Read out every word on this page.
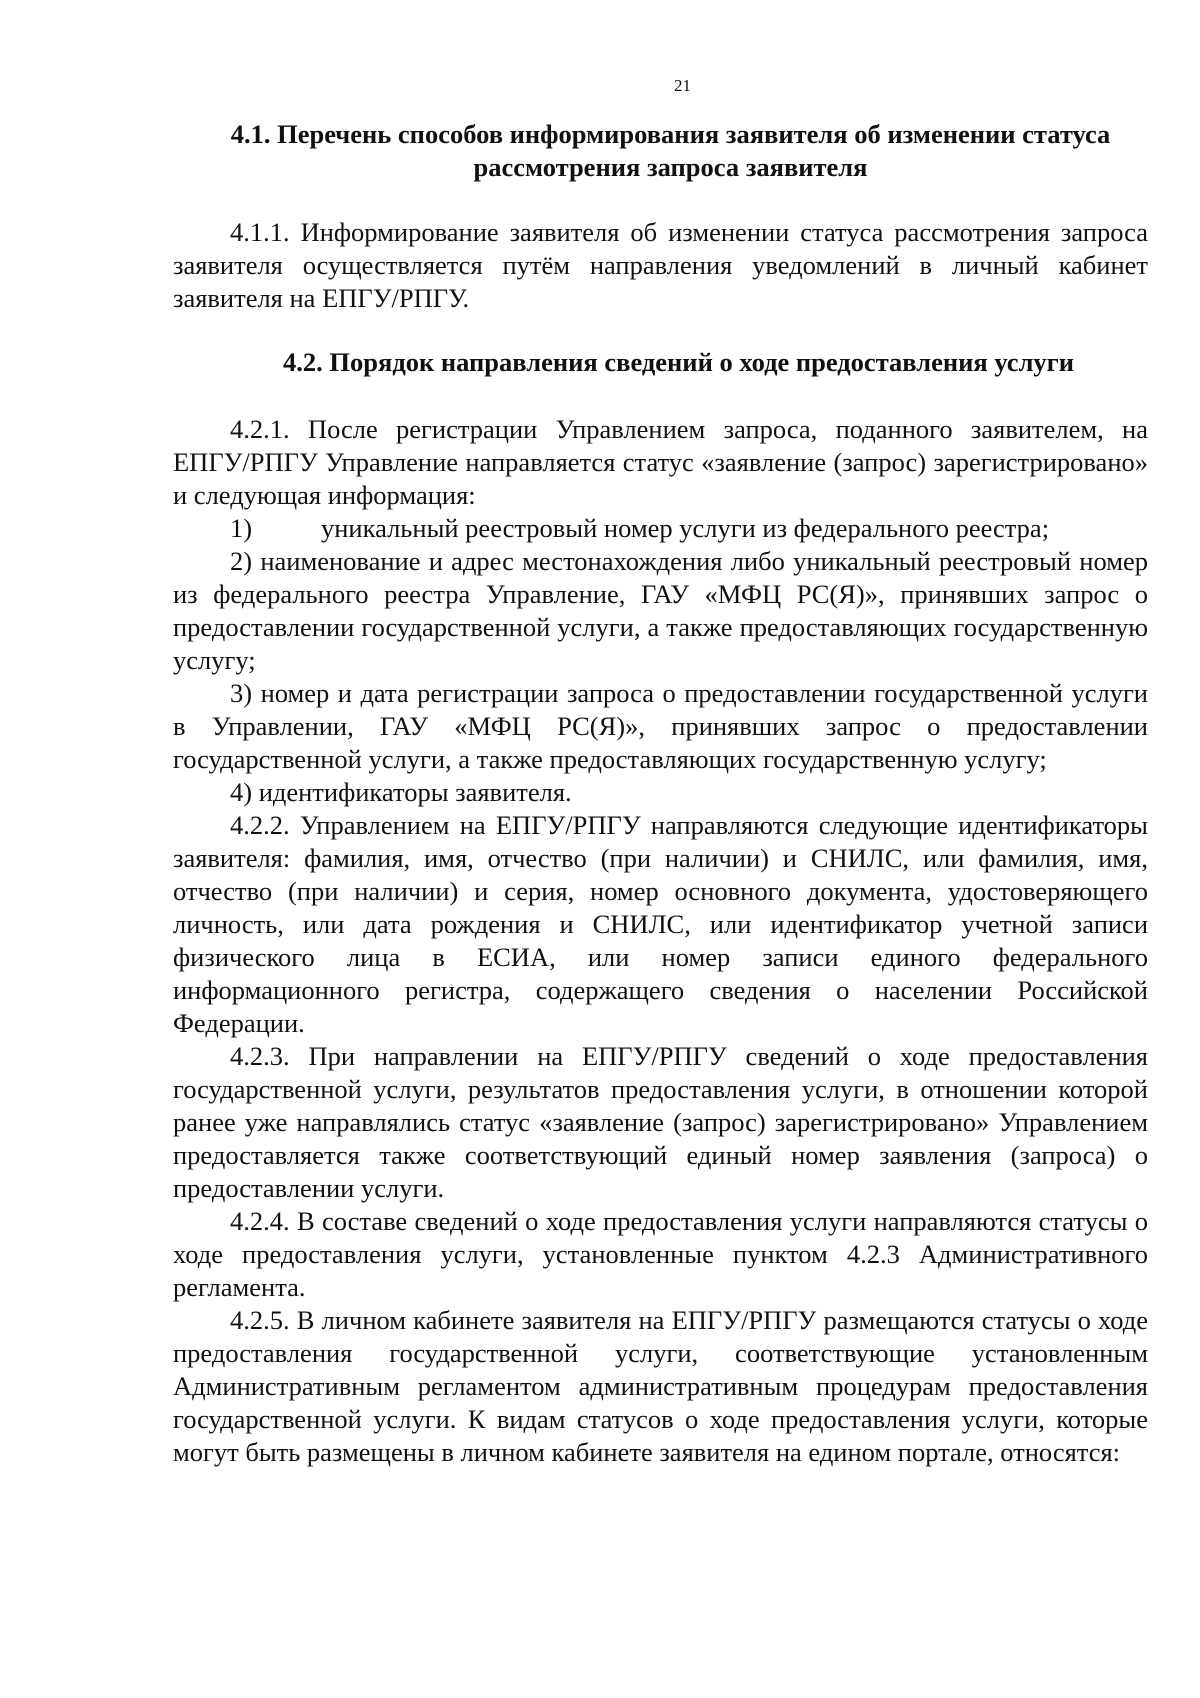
21
4.1. Перечень способов информирования заявителя об изменении статуса рассмотрения запроса заявителя

4.1.1. Информирование заявителя об изменении статуса рассмотрения запроса заявителя осуществляется путём направления уведомлений в личный кабинет заявителя на ЕПГУ/РПГУ.

4.2. Порядок направления сведений о ходе предоставления услуги

4.2.1. После регистрации Управлением запроса, поданного заявителем, на ЕПГУ/РПГУ Управление направляется статус «заявление (запрос) зарегистрировано» и следующая информация:

1)	уникальный реестровый номер услуги из федерального реестра;

2) наименование и адрес местонахождения либо уникальный реестровый номер из федерального реестра Управление, ГАУ «МФЦ РС(Я)», принявших запрос о предоставлении государственной услуги, а также предоставляющих государственную услугу;

3) номер и дата регистрации запроса о предоставлении государственной услуги в Управлении, ГАУ «МФЦ РС(Я)», принявших запрос о предоставлении государственной услуги, а также предоставляющих государственную услугу;

4) идентификаторы заявителя.

4.2.2. Управлением на ЕПГУ/РПГУ направляются следующие идентификаторы заявителя: фамилия, имя, отчество (при наличии) и СНИЛС, или фамилия, имя, отчество (при наличии) и серия, номер основного документа, удостоверяющего личность, или дата рождения и СНИЛС, или идентификатор учетной записи физического лица в ЕСИА, или номер записи единого федерального информационного регистра, содержащего сведения о населении Российской Федерации.

4.2.3. При направлении на ЕПГУ/РПГУ сведений о ходе предоставления государственной услуги, результатов предоставления услуги, в отношении которой ранее уже направлялись статус «заявление (запрос) зарегистрировано» Управлением предоставляется также соответствующий единый номер заявления (запроса) о предоставлении услуги.

4.2.4. В составе сведений о ходе предоставления услуги направляются статусы о ходе предоставления услуги, установленные пунктом 4.2.3 Административного регламента.

4.2.5. В личном кабинете заявителя на ЕПГУ/РПГУ размещаются статусы о ходе предоставления государственной услуги, соответствующие установленным Административным регламентом административным процедурам предоставления государственной услуги. К видам статусов о ходе предоставления услуги, которые могут быть размещены в личном кабинете заявителя на едином портале, относятся:
